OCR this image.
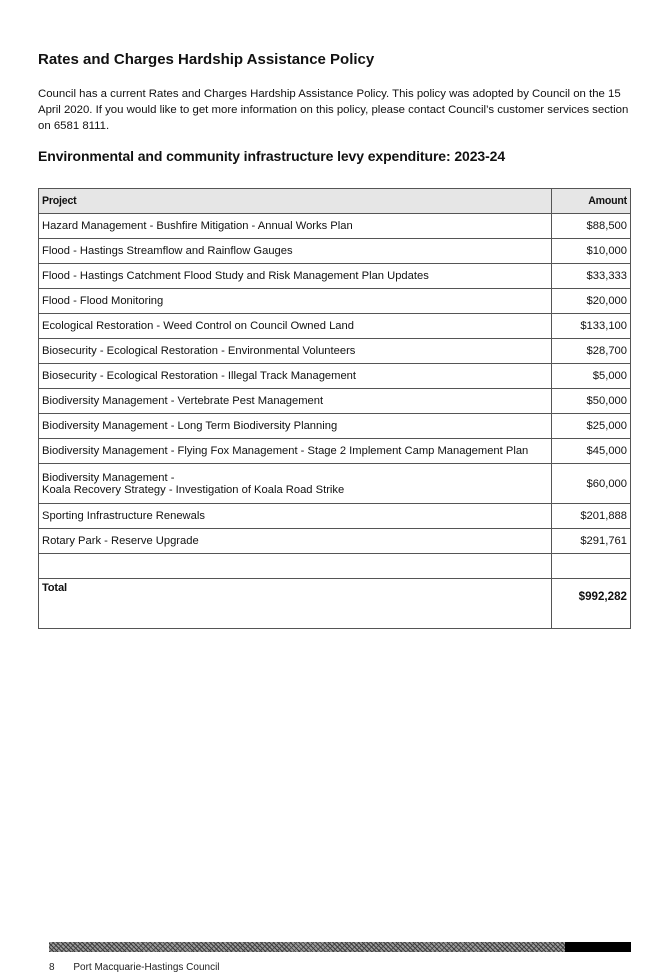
Rates and Charges Hardship Assistance Policy

Council has a current Rates and Charges Hardship Assistance Policy. This policy was adopted by Council on the 15 April 2020. If you would like to get more information on this policy, please contact Council’s customer services section on 6581 8111.

Environmental and community infrastructure levy expenditure: 2023-24
Project	Amount
Hazard Management - Bushfire Mitigation - Annual Works Plan	$88,500
Flood - Hastings Streamflow and Rainflow Gauges	$10,000
Flood - Hastings Catchment Flood Study and Risk Management Plan Updates	$33,333
Flood - Flood Monitoring	$20,000
Ecological Restoration - Weed Control on Council Owned Land	$133,100
Biosecurity - Ecological Restoration - Environmental Volunteers	$28,700
Biosecurity - Ecological Restoration - Illegal Track Management	$5,000
Biodiversity Management - Vertebrate Pest Management	$50,000
Biodiversity Management - Long Term Biodiversity Planning	$25,000
Biodiversity Management - Flying Fox Management - Stage 2 Implement Camp Management Plan	$45,000

Biodiversity Management -
Koala Recovery Strategy - Investigation of Koala Road Strike	$60,000
Sporting Infrastructure Renewals	$201,888
Rotary Park - Reserve Upgrade	$291,761

Total	$992,282
8 Port Macquarie-Hastings Council
